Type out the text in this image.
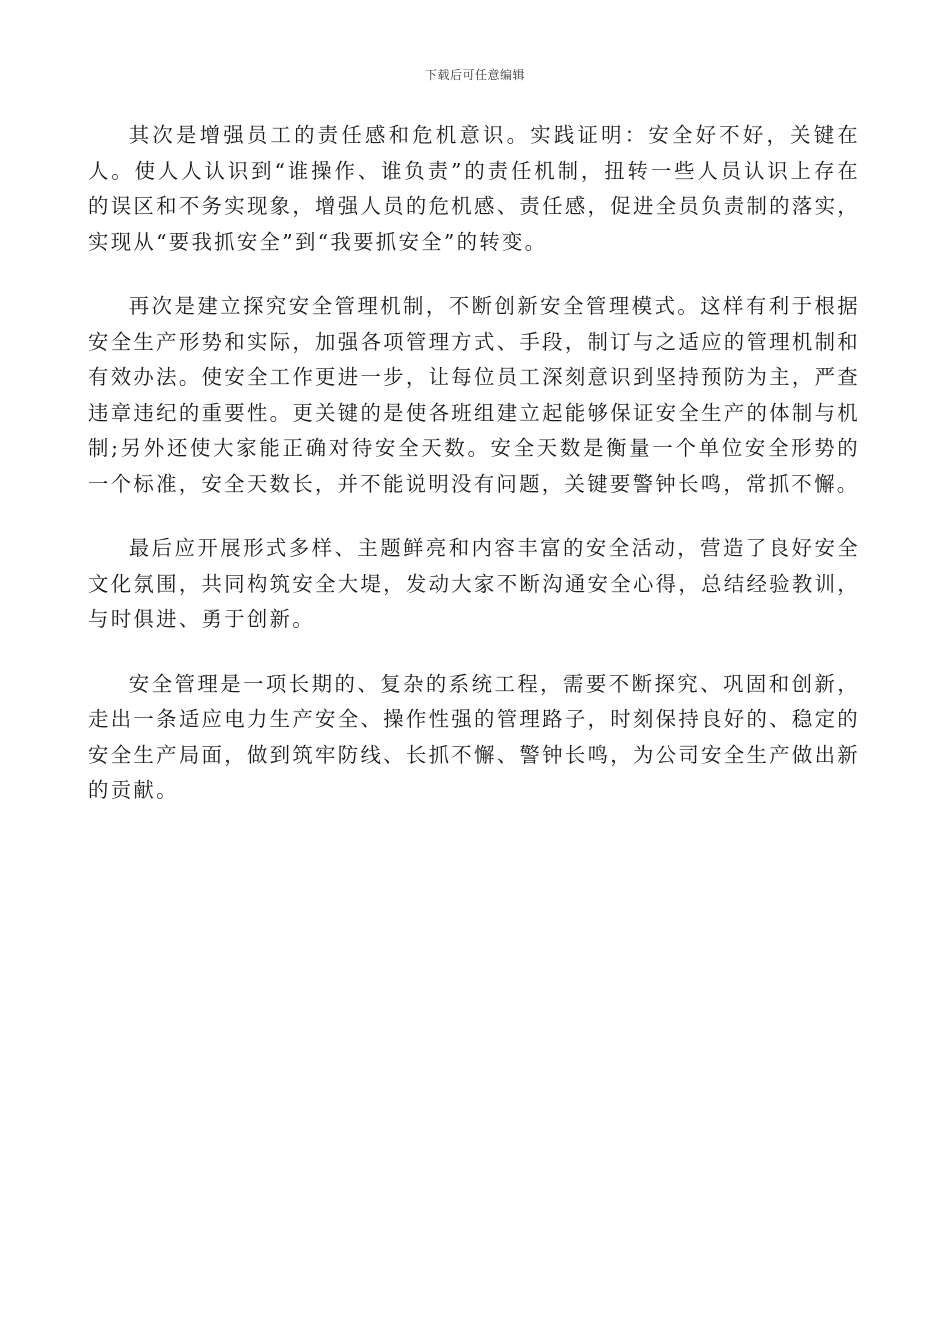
下载后可任意编辑

其次是增强员工的责任感和危机意识。实践证明：安全好不好，关键在人。使人人认识到“谁操作、谁负责”的责任机制，扭转一些人员认识上存在的误区和不务实现象，增强人员的危机感、责任感，促进全员负责制的落实，实现从“要我抓安全”到“我要抓安全”的转变。

再次是建立探究安全管理机制，不断创新安全管理模式。这样有利于根据安全生产形势和实际，加强各项管理方式、手段，制订与之适应的管理机制和有效办法。使安全工作更进一步，让每位员工深刻意识到坚持预防为主，严查违章违纪的重要性。更关键的是使各班组建立起能够保证安全生产的体制与机制;另外还使大家能正确对待安全天数。安全天数是衡量一个单位安全形势的一个标准，安全天数长，并不能说明没有问题，关键要警钟长鸣，常抓不懈。

最后应开展形式多样、主题鲜亮和内容丰富的安全活动，营造了良好安全文化氛围，共同构筑安全大堤，发动大家不断沟通安全心得，总结经验教训，与时俱进、勇于创新。

安全管理是一项长期的、复杂的系统工程，需要不断探究、巩固和创新，走出一条适应电力生产安全、操作性强的管理路子，时刻保持良好的、稳定的安全生产局面，做到筑牢防线、长抓不懈、警钟长鸣，为公司安全生产做出新的贡献。
